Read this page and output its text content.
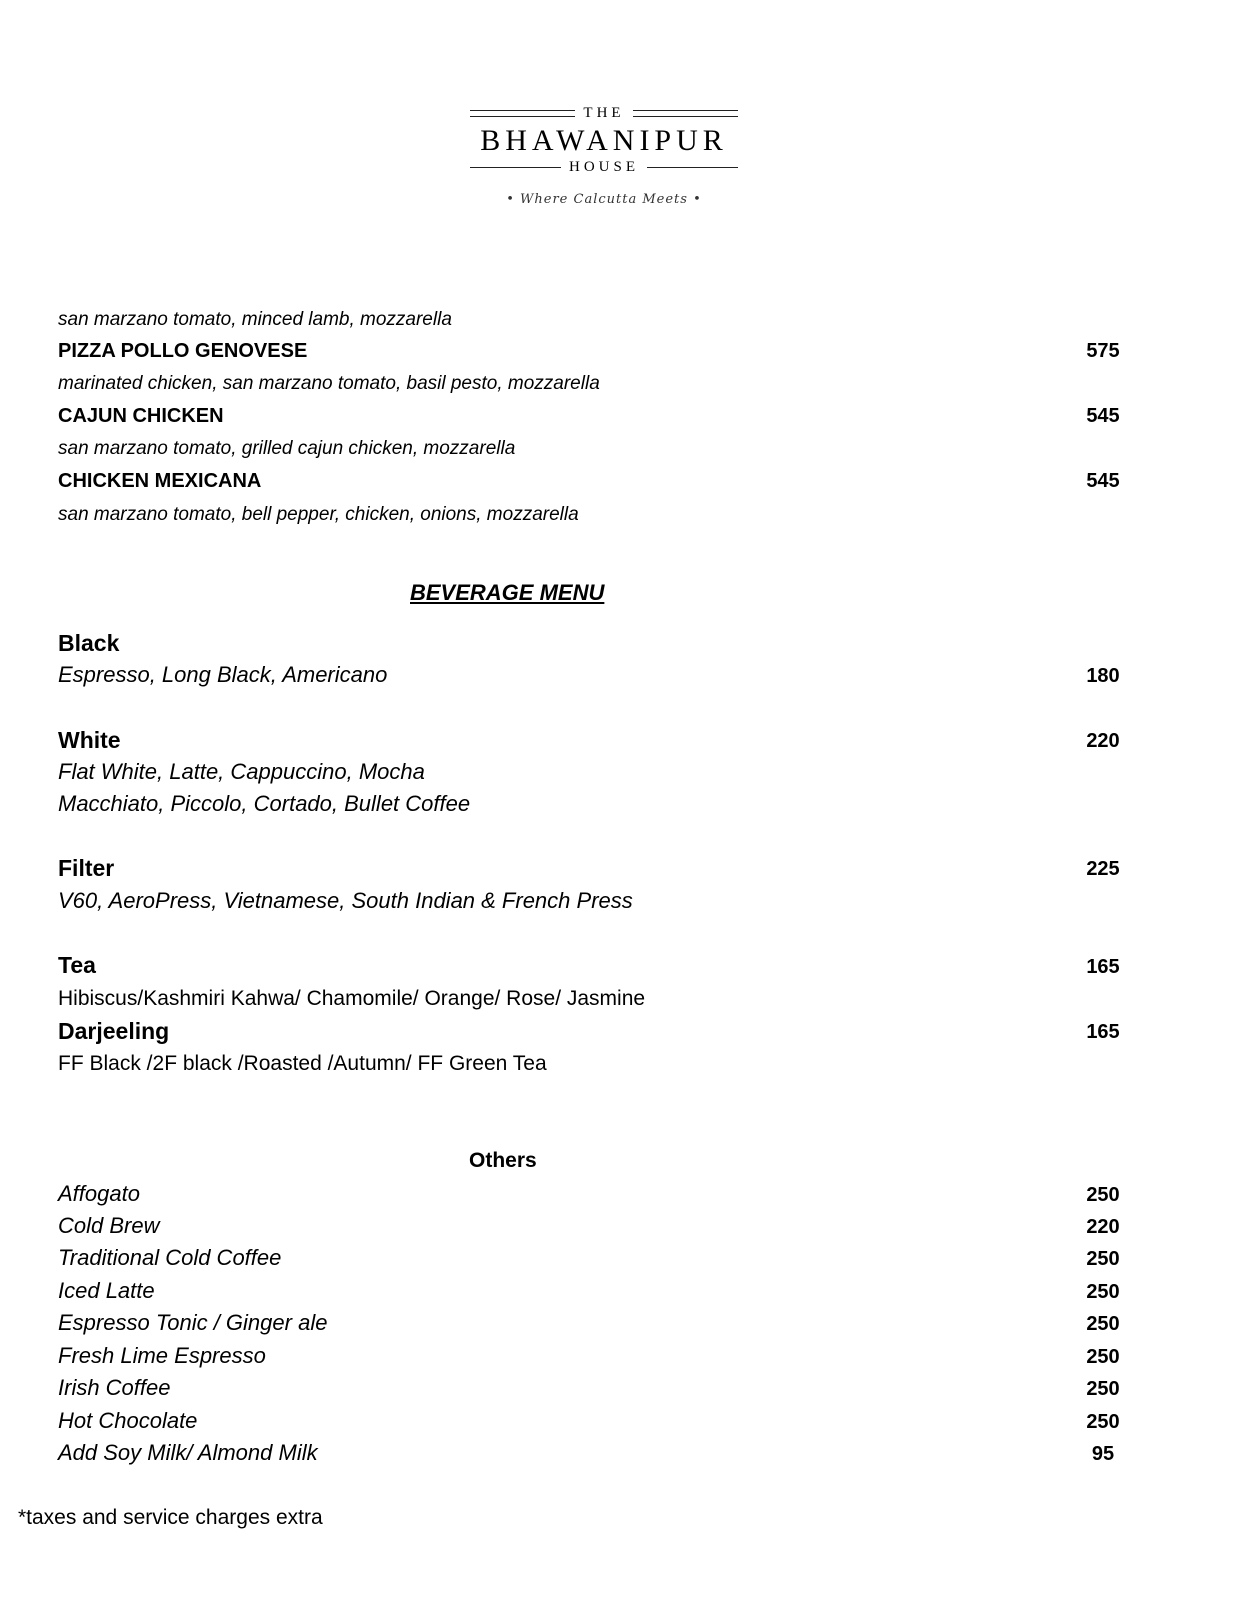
THE
BHAWANIPUR
HOUSE
• Where Calcutta Meets •
san marzano tomato, minced lamb, mozzarella
PIZZA POLLO GENOVESE	575
marinated chicken, san marzano tomato, basil pesto, mozzarella
CAJUN CHICKEN	545
san marzano tomato, grilled cajun chicken, mozzarella
CHICKEN MEXICANA	545
san marzano tomato, bell pepper, chicken, onions, mozzarella
BEVERAGE MENU
Black
Espresso, Long Black, Americano	180
White	220
Flat White, Latte, Cappuccino, Mocha
Macchiato, Piccolo, Cortado, Bullet Coffee
Filter	225
V60, AeroPress, Vietnamese, South Indian & French Press
Tea	165
Hibiscus/Kashmiri Kahwa/ Chamomile/ Orange/ Rose/ Jasmine
Darjeeling	165
FF Black /2F black /Roasted /Autumn/ FF Green Tea
Others
Affogato	250
Cold Brew	220
Traditional Cold Coffee	250
Iced Latte	250
Espresso Tonic / Ginger ale	250
Fresh Lime Espresso	250
Irish Coffee	250
Hot Chocolate	250
Add Soy Milk/ Almond Milk	95
*taxes and service charges extra
